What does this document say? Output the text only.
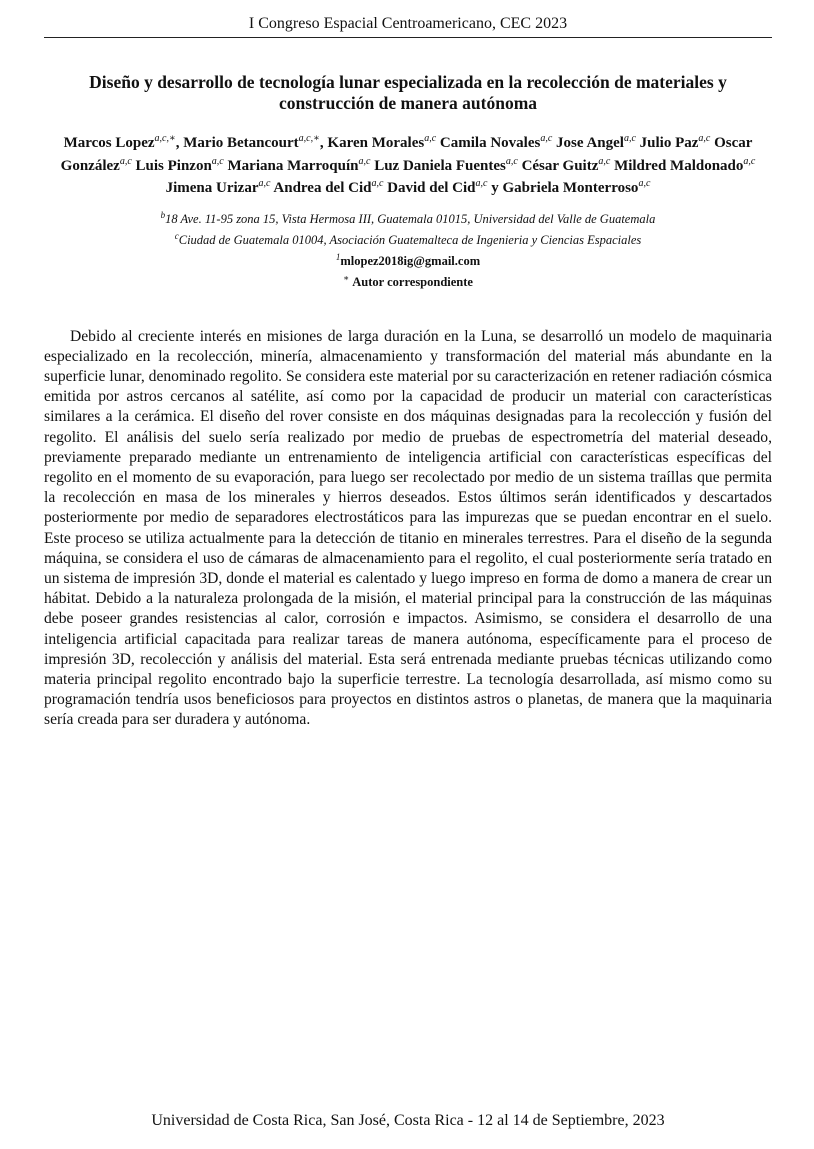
I Congreso Espacial Centroamericano, CEC 2023
Diseño y desarrollo de tecnología lunar especializada en la recolección de materiales y construcción de manera autónoma
Marcos Lopez$^{a,c,∗}$, Mario Betancourt$^{a,c,∗}$, Karen Morales$^{a,c}$ Camila Novales$^{a,c}$ Jose Angel$^{a,c}$ Julio Paz$^{a,c}$ Oscar González$^{a,c}$ Luis Pinzon$^{a,c}$ Mariana Marroquín$^{a,c}$ Luz Daniela Fuentes$^{a,c}$ César Guitz$^{a,c}$ Mildred Maldonado$^{a,c}$ Jimena Urizar$^{a,c}$ Andrea del Cid$^{a,c}$ David del Cid$^{a,c}$ y Gabriela Monterroso$^{a,c}$
$^b$18 Ave. 11-95 zona 15, Vista Hermosa III, Guatemala 01015, Universidad del Valle de Guatemala
$^c$Ciudad de Guatemala 01004, Asociación Guatemalteca de Ingenieria y Ciencias Espaciales
$^1$mlopez2018ig@gmail.com
∗ Autor correspondiente

Debido al creciente interés en misiones de larga duración en la Luna, se desarrolló un modelo de maquinaria especializado en la recolección, minería, almacenamiento y transformación del material más abundante en la superficie lunar, denominado regolito. Se considera este material por su caracterización en retener radiación cósmica emitida por astros cercanos al satélite, así como por la capacidad de producir un material con características similares a la cerámica. El diseño del rover consiste en dos máquinas designadas para la recolección y fusión del regolito. El análisis del suelo sería realizado por medio de pruebas de espectrometría del material deseado, previamente preparado mediante un entrenamiento de inteligencia artificial con características específicas del regolito en el momento de su evaporación, para luego ser recolectado por medio de un sistema traíllas que permita la recolección en masa de los minerales y hierros deseados. Estos últimos serán identificados y descartados posteriormente por medio de separadores electrostáticos para las impurezas que se puedan encontrar en el suelo. Este proceso se utiliza actualmente para la detección de titanio en minerales terrestres. Para el diseño de la segunda máquina, se considera el uso de cámaras de almacenamiento para el regolito, el cual posteriormente sería tratado en un sistema de impresión 3D, donde el material es calentado y luego impreso en forma de domo a manera de crear un hábitat. Debido a la naturaleza prolongada de la misión, el material principal para la construcción de las máquinas debe poseer grandes resistencias al calor, corrosión e impactos. Asimismo, se considera el desarrollo de una inteligencia artificial capacitada para realizar tareas de manera autónoma, específicamente para el proceso de impresión 3D, recolección y análisis del material. Esta será entrenada mediante pruebas técnicas utilizando como materia principal regolito encontrado bajo la superficie terrestre. La tecnología desarrollada, así mismo como su programación tendría usos beneficiosos para proyectos en distintos astros o planetas, de manera que la maquinaria sería creada para ser duradera y autónoma.

Universidad de Costa Rica, San José, Costa Rica - 12 al 14 de Septiembre, 2023
